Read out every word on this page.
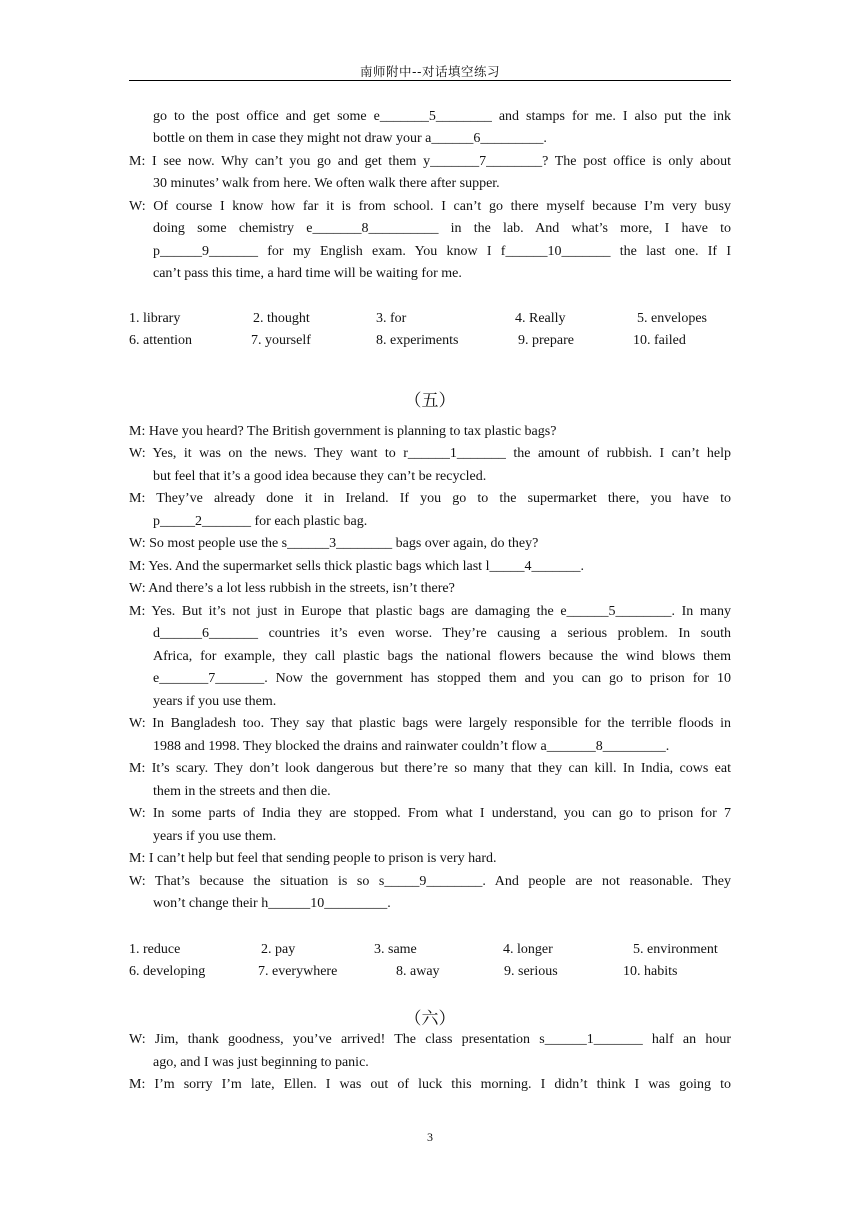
南师附中--对话填空练习
go to the post office and get some e_______5________ and stamps for me. I also put the ink
bottle on them in case they might not draw your a______6_________.
M: I see now. Why can’t you go and get them y_______7________? The post office is only about
30 minutes’ walk from here. We often walk there after supper.
W: Of course I know how far it is from school. I can’t go there myself because I’m very busy
doing some chemistry e_______8__________ in the lab. And what’s more, I have to
p______9_______ for my English exam. You know I f______10_______ the last one. If I
can’t pass this time, a hard time will be waiting for me.
1. library	2. thought	3. for	4. Really	5. envelopes
6. attention	7. yourself	8. experiments	9. prepare	10. failed
（五）
M: Have you heard? The British government is planning to tax plastic bags?
W: Yes, it was on the news. They want to r______1_______ the amount of rubbish. I can’t help
but feel that it’s a good idea because they can’t be recycled.
M: They’ve already done it in Ireland. If you go to the supermarket there, you have to
p_____2_______ for each plastic bag.
W: So most people use the s______3________ bags over again, do they?
M: Yes. And the supermarket sells thick plastic bags which last l_____4_______.
W: And there’s a lot less rubbish in the streets, isn’t there?
M: Yes. But it’s not just in Europe that plastic bags are damaging the e______5________. In many
d______6_______ countries it’s even worse. They’re causing a serious problem. In south
Africa, for example, they call plastic bags the national flowers because the wind blows them
e_______7_______. Now the government has stopped them and you can go to prison for 10
years if you use them.
W: In Bangladesh too. They say that plastic bags were largely responsible for the terrible floods in
1988 and 1998. They blocked the drains and rainwater couldn’t flow a_______8_________.
M: It’s scary. They don’t look dangerous but there’re so many that they can kill. In India, cows eat
them in the streets and then die.
W: In some parts of India they are stopped. From what I understand, you can go to prison for 7
years if you use them.
M: I can’t help but feel that sending people to prison is very hard.
W: That’s because the situation is so s_____9________. And people are not reasonable. They
won’t change their h______10_________.
1. reduce	2. pay	3. same	4. longer	5. environment
6. developing	7. everywhere	8. away	9. serious	10. habits
（六）
W: Jim, thank goodness, you’ve arrived! The class presentation s______1_______ half an hour
ago, and I was just beginning to panic.
M: I’m sorry I’m late, Ellen. I was out of luck this morning. I didn’t think I was going to
3
